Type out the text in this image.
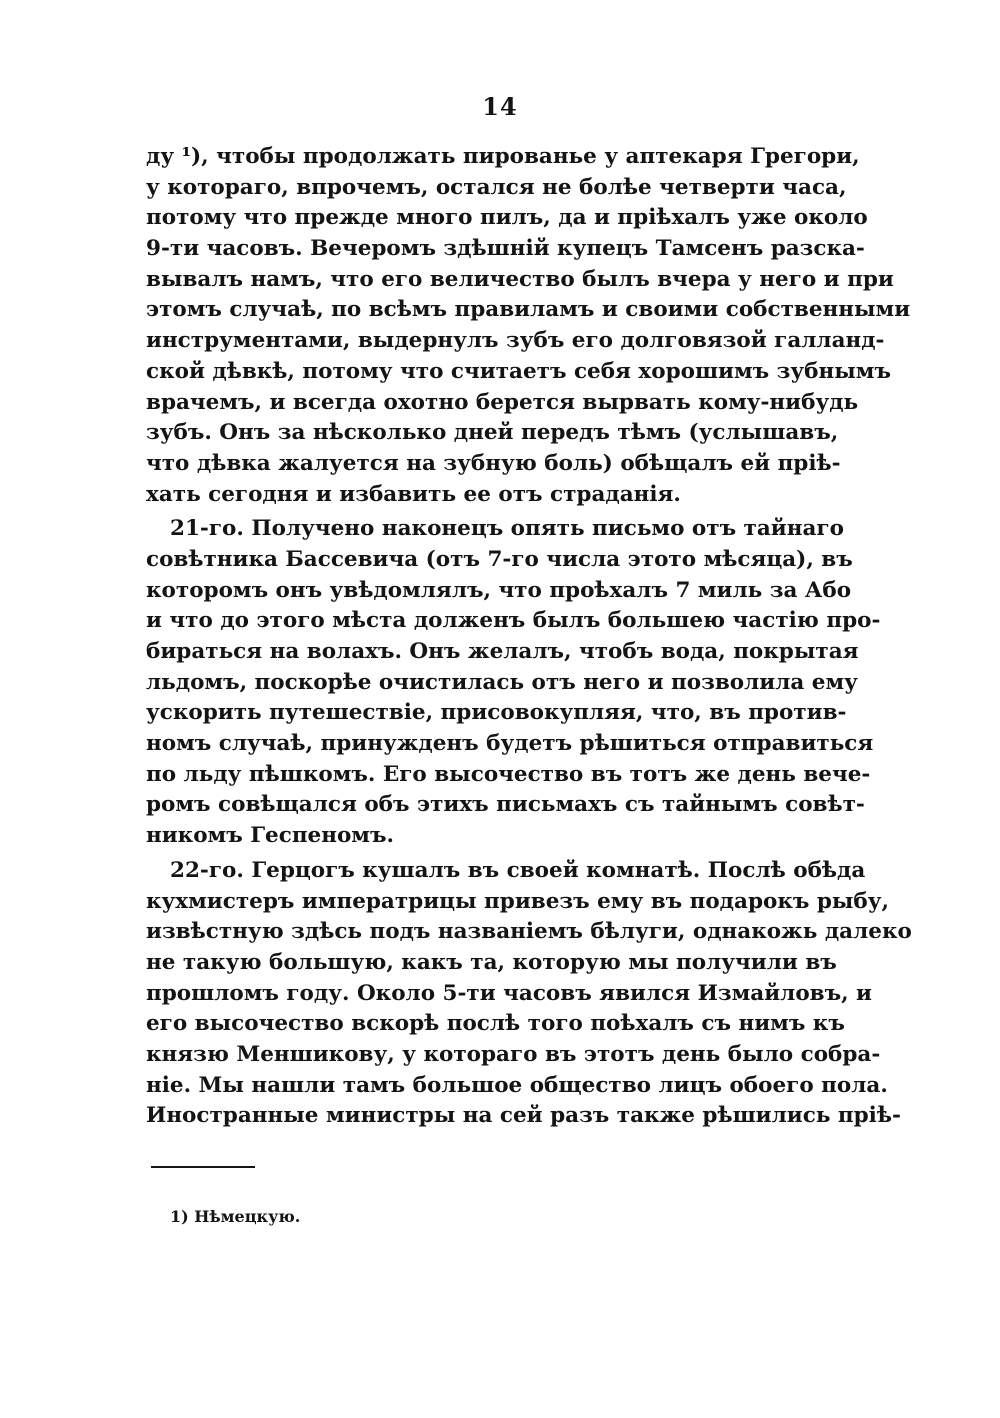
14
ду ¹), чтобы продолжать пированье у аптекаря Грегори,
у котораго, впрочемъ, остался не болѣе четверти часа,
потому что прежде много пилъ, да и пріѣхалъ уже около
9-ти часовъ. Вечеромъ здѣшній купецъ Тамсенъ разска-
вывалъ намъ, что его величество былъ вчера у него и при
этомъ случаѣ, по всѣмъ правиламъ и своими собственными
инструментами, выдернулъ зубъ его долговязой галланд-
ской дѣвкѣ, потому что считаетъ себя хорошимъ зубнымъ
врачемъ, и всегда охотно берется вырвать кому-нибудь
зубъ. Онъ за нѣсколько дней передъ тѣмъ (услышавъ,
что дѣвка жалуется на зубную боль) обѣщалъ ей пріѣ-
хать сегодня и избавить ее отъ страданія.
21-го. Получено наконецъ опять письмо отъ тайнаго
совѣтника Бассевича (отъ 7-го числа этото мѣсяца), въ
которомъ онъ увѣдомлялъ, что проѣхалъ 7 миль за Або
и что до этого мѣста долженъ былъ большею частію про-
бираться на волахъ. Онъ желалъ, чтобъ вода, покрытая
льдомъ, поскорѣе очистилась отъ него и позволила ему
ускорить путешествіе, присовокупляя, что, въ против-
номъ случаѣ, принужденъ будетъ рѣшиться отправиться
по льду пѣшкомъ. Его высочество въ тотъ же день вече-
ромъ совѣщался объ этихъ письмахъ съ тайнымъ совѣт-
никомъ Геспеномъ.
22-го. Герцогъ кушалъ въ своей комнатѣ. Послѣ обѣда
кухмистеръ императрицы привезъ ему въ подарокъ рыбу,
извѣстную здѣсь подъ названіемъ бѣлуги, однакожь далеко
не такую большую, какъ та, которую мы получили въ
прошломъ году. Около 5-ти часовъ явился Измайловъ, и
его высочество вскорѣ послѣ того поѣхалъ съ нимъ къ
князю Меншикову, у котораго въ этотъ день было собра-
ніе. Мы нашли тамъ большое общество лицъ обоего пола.
Иностранные министры на сей разъ также рѣшились пріѣ-
1) Нѣмецкую.
